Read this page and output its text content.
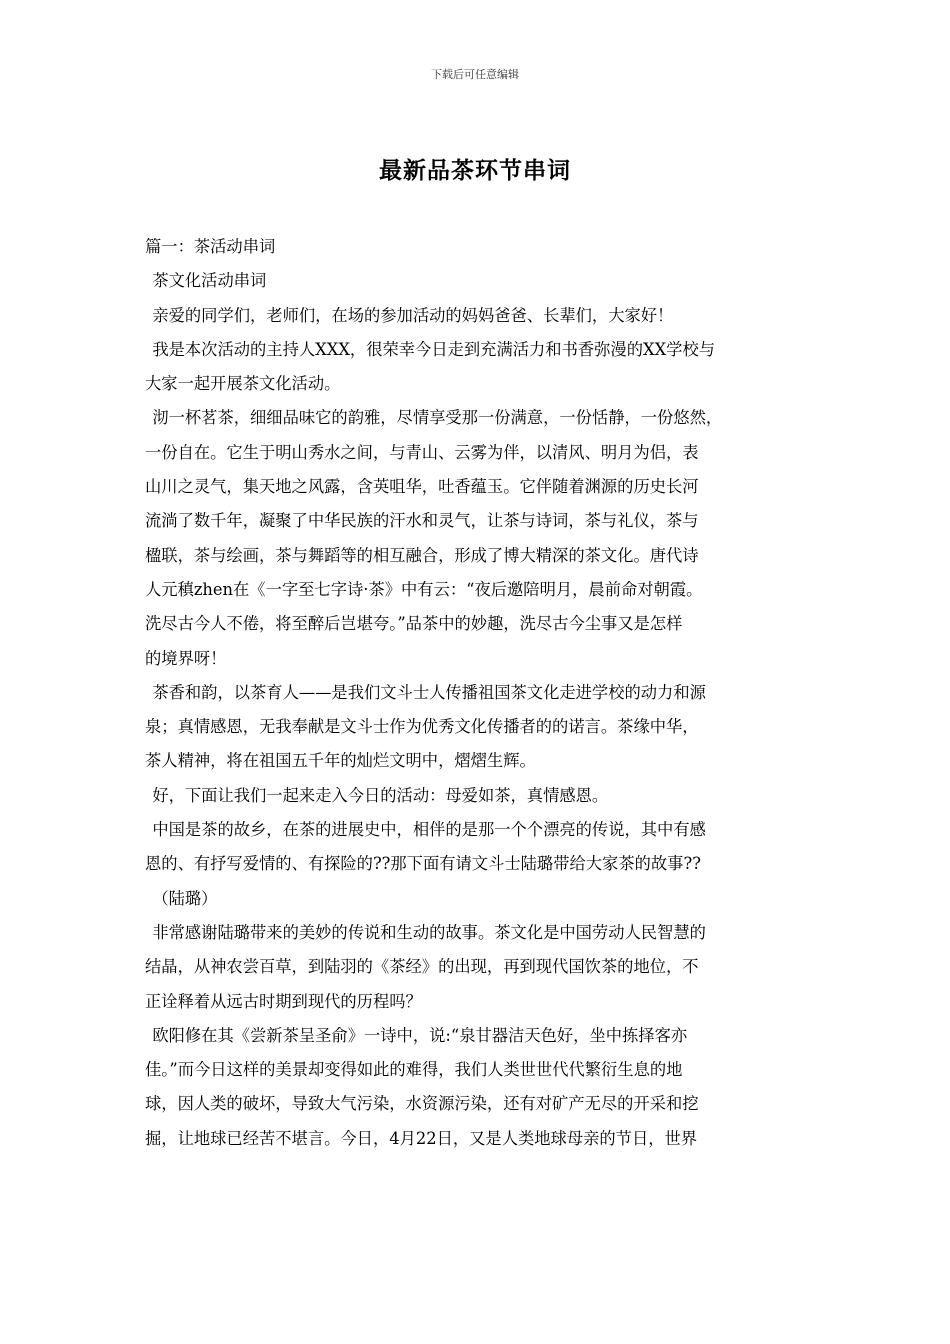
下载后可任意编辑
最新品茶环节串词

篇一：茶活动串词

茶文化活动串词

亲爱的同学们，老师们，在场的参加活动的妈妈爸爸、长辈们，大家好！

我是本次活动的主持人XXX，很荣幸今日走到充满活力和书香弥漫的XX学校与

大家一起开展茶文化活动。

沏一杯茗茶，细细品味它的韵雅，尽情享受那一份满意，一份恬静，一份悠然，

一份自在。它生于明山秀水之间，与青山、云雾为伴，以清风、明月为侣，表

山川之灵气，集天地之风露，含英咀华，吐香蕴玉。它伴随着渊源的历史长河

流淌了数千年，凝聚了中华民族的汗水和灵气，让茶与诗词，茶与礼仪，茶与

楹联，茶与绘画，茶与舞蹈等的相互融合，形成了博大精深的茶文化。唐代诗

人元稹zhen在《一字至七字诗·茶》中有云：“夜后邀陪明月，晨前命对朝霞。

洗尽古今人不倦，将至醉后岂堪夸。”品茶中的妙趣，洗尽古今尘事又是怎样

的境界呀！

茶香和韵，以茶育人——是我们文斗士人传播祖国茶文化走进学校的动力和源

泉；真情感恩，无我奉献是文斗士作为优秀文化传播者的的诺言。茶缘中华，

茶人精神，将在祖国五千年的灿烂文明中，熠熠生辉。

好，下面让我们一起来走入今日的活动：母爱如茶，真情感恩。

中国是茶的故乡，在茶的进展史中，相伴的是那一个个漂亮的传说，其中有感

恩的、有抒写爱情的、有探险的??那下面有请文斗士陆璐带给大家茶的故事??

（陆璐）

非常感谢陆璐带来的美妙的传说和生动的故事。茶文化是中国劳动人民智慧的

结晶，从神农尝百草，到陆羽的《茶经》的出现，再到现代国饮茶的地位，不

正诠释着从远古时期到现代的历程吗？

欧阳修在其《尝新茶呈圣俞》一诗中，说:“泉甘器洁天色好，坐中拣择客亦

佳。”而今日这样的美景却变得如此的难得，我们人类世世代代繁衍生息的地

球，因人类的破坏，导致大气污染，水资源污染，还有对矿产无尽的开采和挖

掘，让地球已经苦不堪言。今日，4月22日，又是人类地球母亲的节日，世界
